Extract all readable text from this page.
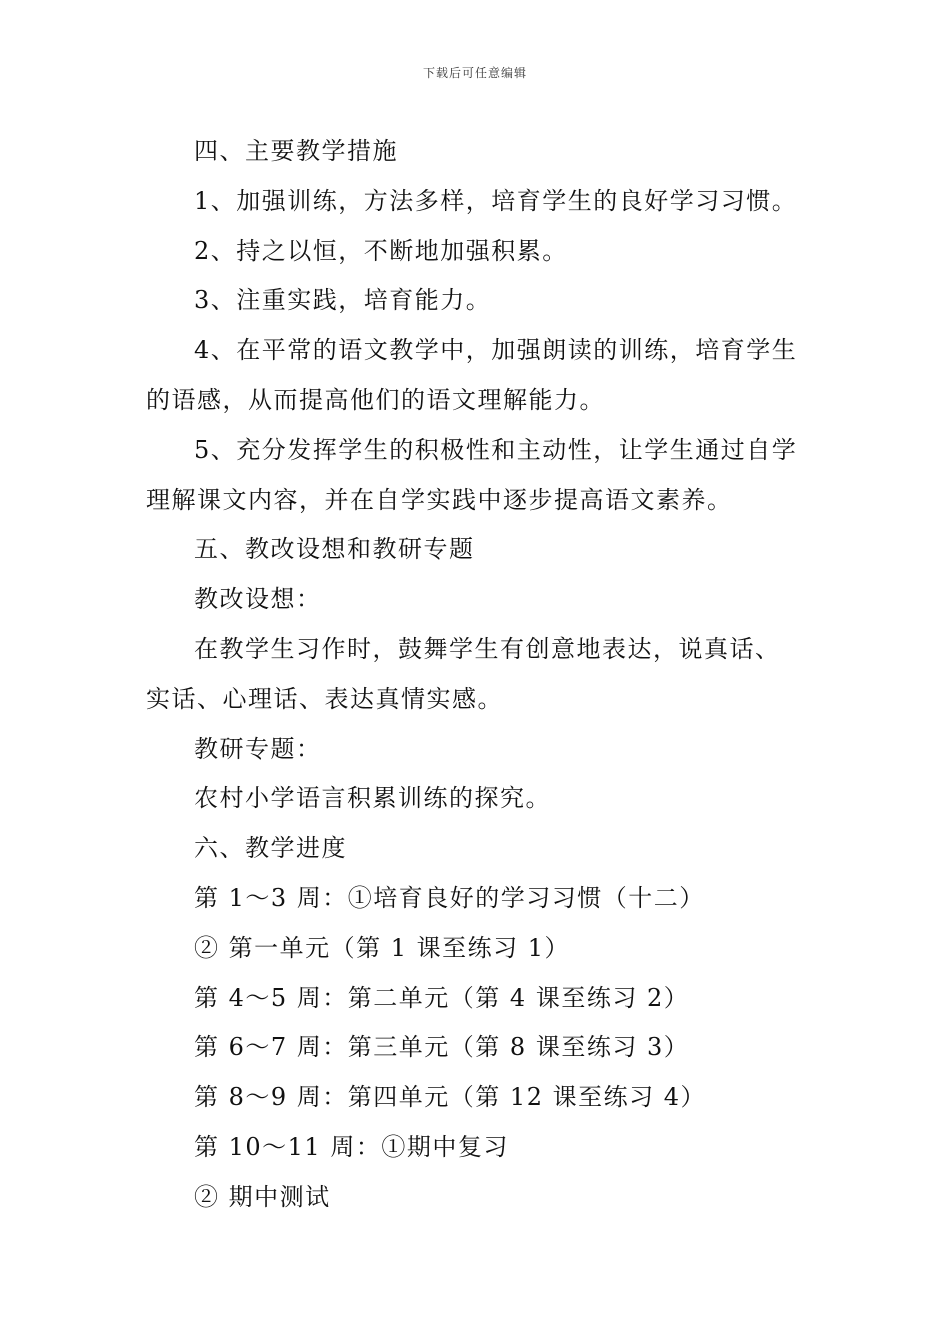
下载后可任意编辑

四、主要教学措施

1、加强训练，方法多样，培育学生的良好学习习惯。

2、持之以恒，不断地加强积累。

3、注重实践，培育能力。

4、在平常的语文教学中，加强朗读的训练，培育学生

的语感，从而提高他们的语文理解能力。

5、充分发挥学生的积极性和主动性，让学生通过自学

理解课文内容，并在自学实践中逐步提高语文素养。

五、教改设想和教研专题

教改设想：

在教学生习作时，鼓舞学生有创意地表达，说真话、

实话、心理话、表达真情实感。

教研专题：

农村小学语言积累训练的探究。

六、教学进度

第 1～3 周：①培育良好的学习习惯（十二）

② 第一单元（第 1 课至练习 1）

第 4～5 周：第二单元（第 4 课至练习 2）

第 6～7 周：第三单元（第 8 课至练习 3）

第 8～9 周：第四单元（第 12 课至练习 4）

第 10～11 周：①期中复习

② 期中测试
